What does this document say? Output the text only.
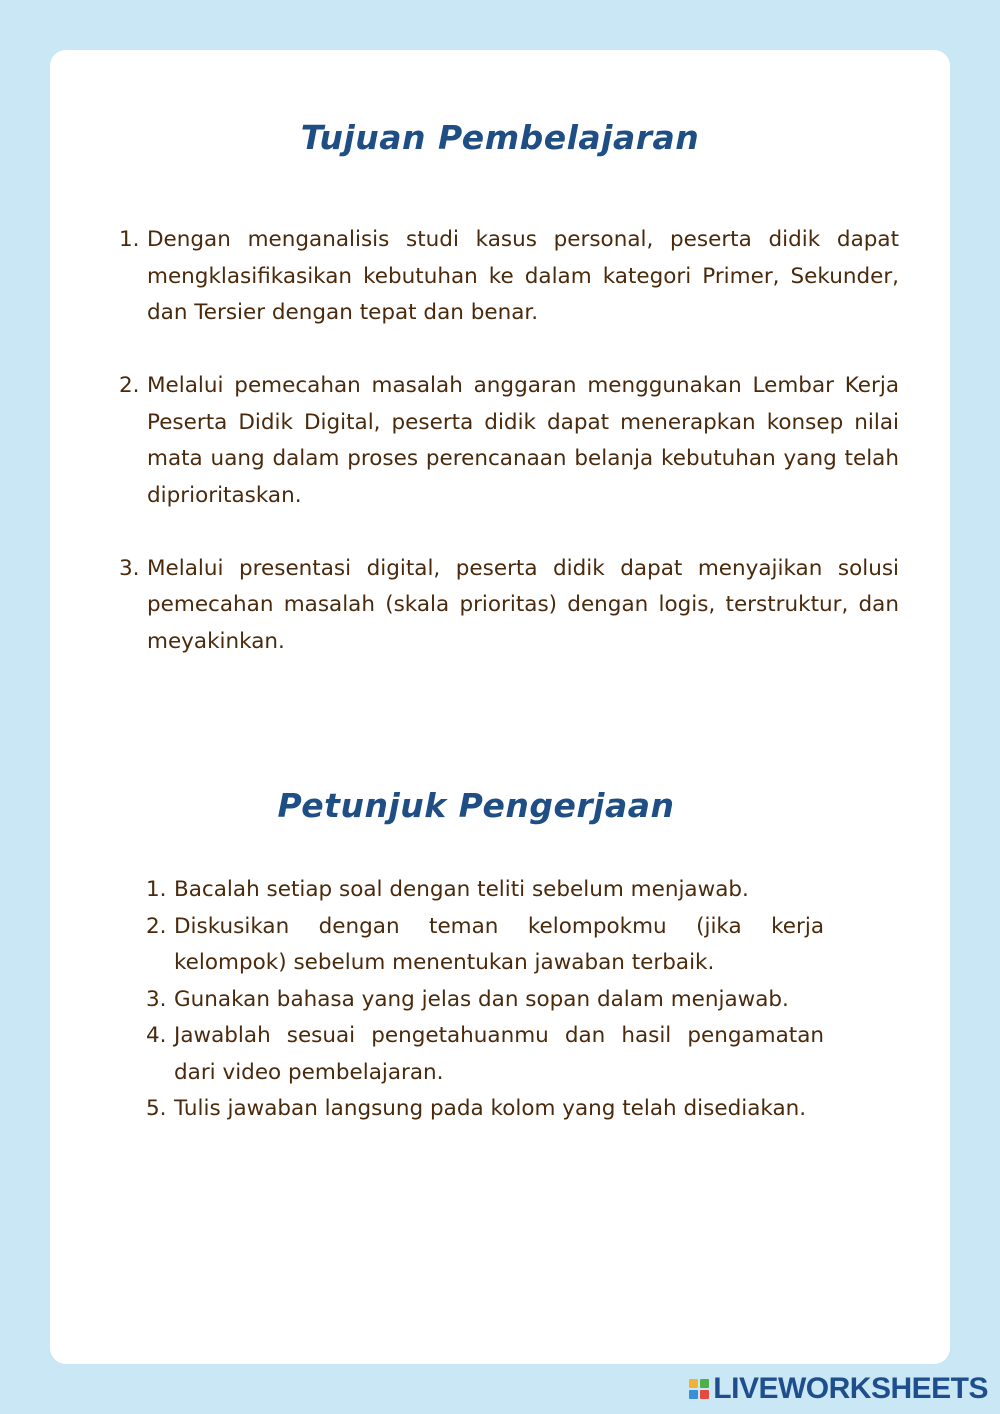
Tujuan Pembelajaran
1. Dengan menganalisis studi kasus personal, peserta didik dapat mengklasifikasikan kebutuhan ke dalam kategori Primer, Sekunder, dan Tersier dengan tepat dan benar.
2. Melalui pemecahan masalah anggaran menggunakan Lembar Kerja Peserta Didik Digital, peserta didik dapat menerapkan konsep nilai mata uang dalam proses perencanaan belanja kebutuhan yang telah diprioritaskan.
3. Melalui presentasi digital, peserta didik dapat menyajikan solusi pemecahan masalah (skala prioritas) dengan logis, terstruktur, dan meyakinkan.
Petunjuk Pengerjaan
1. Bacalah setiap soal dengan teliti sebelum menjawab.
2. Diskusikan dengan teman kelompokmu (jika kerja kelompok) sebelum menentukan jawaban terbaik.
3. Gunakan bahasa yang jelas dan sopan dalam menjawab.
4. Jawablah sesuai pengetahuanmu dan hasil pengamatan dari video pembelajaran.
5. Tulis jawaban langsung pada kolom yang telah disediakan.
LIVEWORKSHEETS
